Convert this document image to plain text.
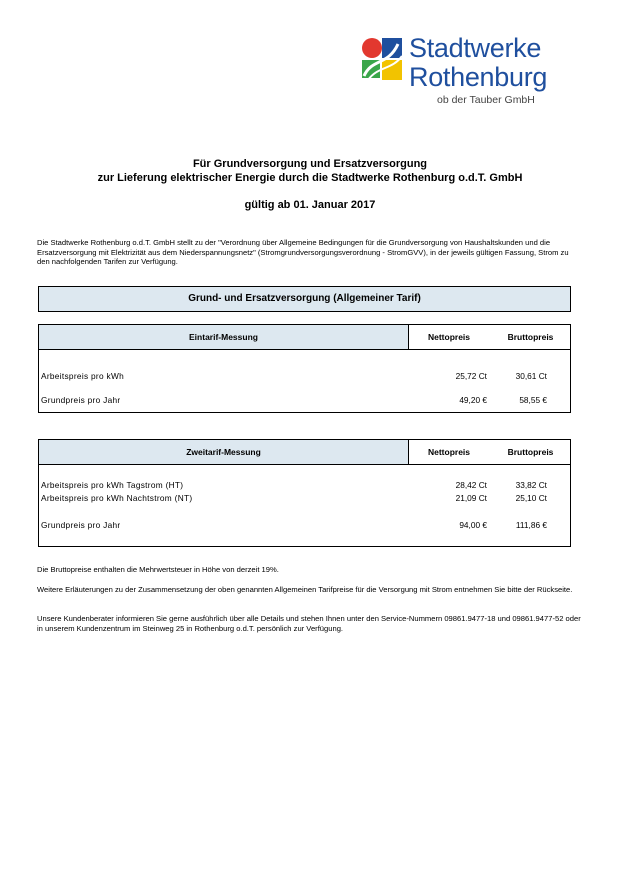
Stadtwerke
Rothenburg
ob der Tauber GmbH
Für Grundversorgung und Ersatzversorgung
zur Lieferung elektrischer Energie durch die Stadtwerke Rothenburg o.d.T. GmbH
gültig ab 01. Januar 2017
Die Stadtwerke Rothenburg o.d.T. GmbH stellt zu der "Verordnung über Allgemeine Bedingungen für die Grundversorgung von Haushaltskunden und die Ersatzversorgung mit Elektrizität aus dem Niederspannungsnetz" (Stromgrundversorgungsverordnung - StromGVV), in der jeweils gültigen Fassung, Strom zu den nachfolgenden Tarifen zur Verfügung.
Grund- und Ersatzversorgung (Allgemeiner Tarif)
Eintarif-Messung	Nettopreis	Bruttopreis
Arbeitspreis pro kWh	25,72 Ct	30,61 Ct
Grundpreis pro Jahr	49,20 €	58,55 €
Zweitarif-Messung	Nettopreis	Bruttopreis
Arbeitspreis pro kWh Tagstrom (HT)	28,42 Ct	33,82 Ct
Arbeitspreis pro kWh Nachtstrom (NT)	21,09 Ct	25,10 Ct
Grundpreis pro Jahr	94,00 €	111,86 €
Die Bruttopreise enthalten die Mehrwertsteuer in Höhe von derzeit 19%.
Weitere Erläuterungen zu der Zusammensetzung der oben genannten Allgemeinen Tarifpreise für die Versorgung mit Strom entnehmen Sie bitte der Rückseite.
Unsere Kundenberater informieren Sie gerne ausführlich über alle Details und stehen Ihnen unter den Service-Nummern 09861.9477-18 und 09861.9477-52 oder in unserem Kundenzentrum im Steinweg 25 in Rothenburg o.d.T. persönlich zur Verfügung.
